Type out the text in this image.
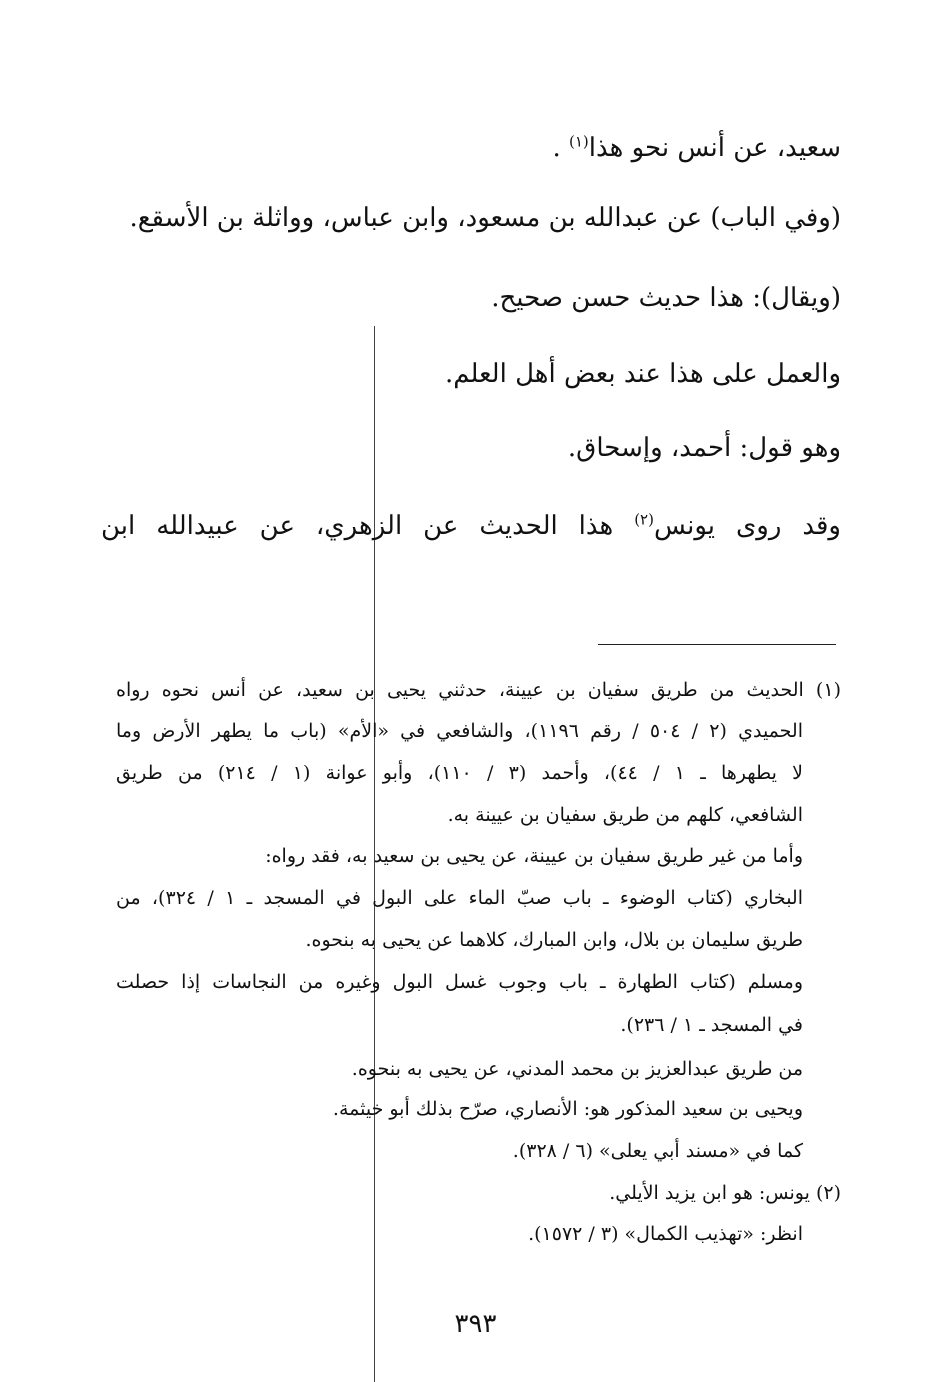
سعيد، عن أنس نحو هذا$^{(١)}$ .
(وفي الباب) عن عبدالله بن مسعود، وابن عباس، وواثلة بن الأسقع.
(ويقال): هذا حديث حسن صحيح.
والعمل على هذا عند بعض أهل العلم.
وهو قول: أحمد، وإسحاق.
وقد روى يونس$^{(٢)}$ هذا الحديث عن الزهري، عن عبيدالله ابن
(١) الحديث من طريق سفيان بن عيينة، حدثني يحيى بن سعيد، عن أنس نحوه رواه
الحميدي (٢ / ٥٠٤ / رقم ١١٩٦)، والشافعي في «الأم» (باب ما يطهر الأرض وما
لا يطهرها ـ ١ / ٤٤)، وأحمد (٣ / ١١٠)، وأبو عوانة (١ / ٢١٤) من طريق
الشافعي، كلهم من طريق سفيان بن عيينة به.
وأما من غير طريق سفيان بن عيينة، عن يحيى بن سعيد به، فقد رواه:
البخاري (كتاب الوضوء ـ باب صبّ الماء على البول في المسجد ـ ١ / ٣٢٤)، من
طريق سليمان بن بلال، وابن المبارك، كلاهما عن يحيى به بنحوه.
ومسلم (كتاب الطهارة ـ باب وجوب غسل البول وغيره من النجاسات إذا حصلت
في المسجد ـ ١ / ٢٣٦).
من طريق عبدالعزيز بن محمد المدني، عن يحيى به بنحوه.
ويحيى بن سعيد المذكور هو: الأنصاري، صرّح بذلك أبو خيثمة.
كما في «مسند أبي يعلى» (٦ / ٣٢٨).
(٢) يونس: هو ابن يزيد الأيلي.
انظر: «تهذيب الكمال» (٣ / ١٥٧٢).
٣٩٣
